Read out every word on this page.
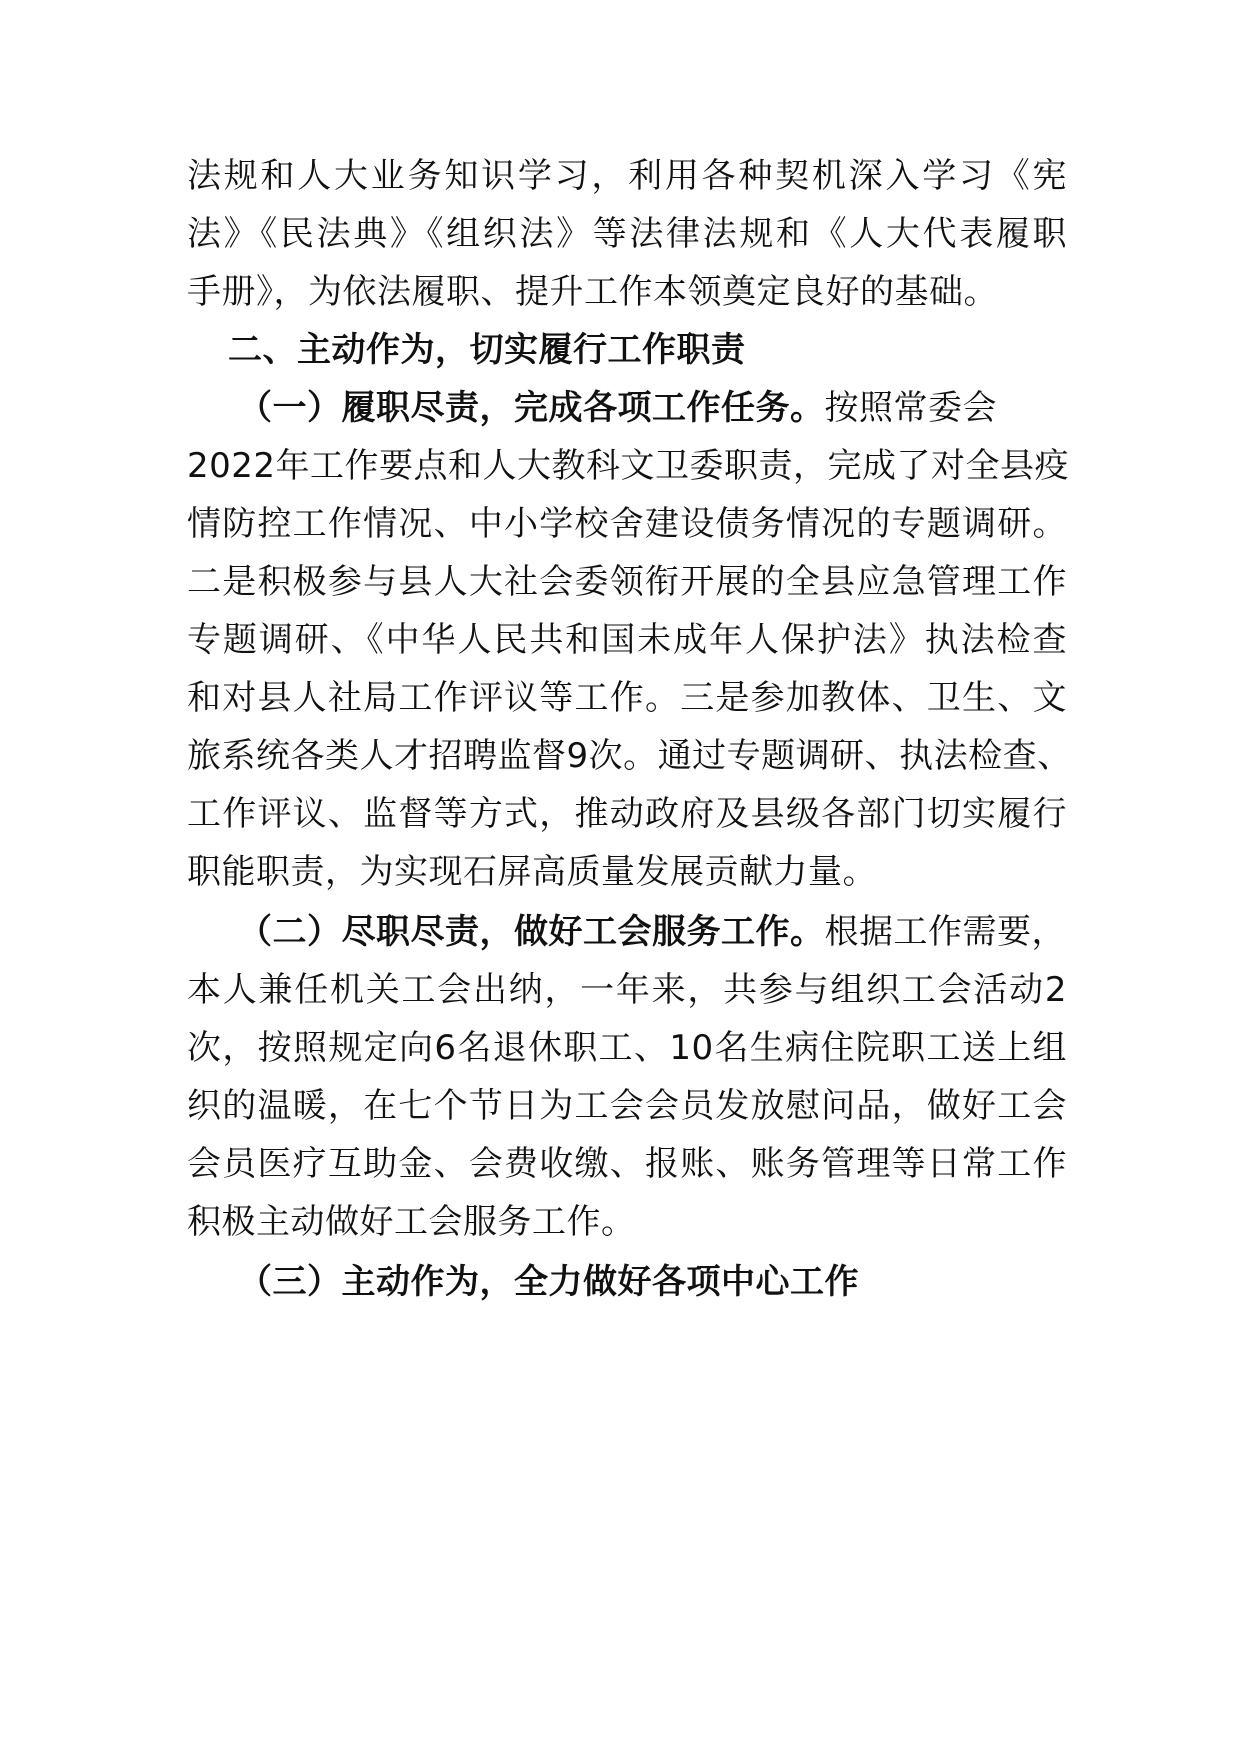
法规和人大业务知识学习，利用各种契机深入学习《宪
法》《民法典》《组织法》等法律法规和《人大代表履职
手册》，为依法履职、提升工作本领奠定良好的基础。
二、主动作为，切实履行工作职责
（一）履职尽责，完成各项工作任务。按照常委会
2022年工作要点和人大教科文卫委职责，完成了对全县疫
情防控工作情况、中小学校舍建设债务情况的专题调研。
二是积极参与县人大社会委领衔开展的全县应急管理工作
专题调研、《中华人民共和国未成年人保护法》执法检查
和对县人社局工作评议等工作。三是参加教体、卫生、文
旅系统各类人才招聘监督9次。通过专题调研、执法检查、
工作评议、监督等方式，推动政府及县级各部门切实履行
职能职责，为实现石屏高质量发展贡献力量。
（二）尽职尽责，做好工会服务工作。根据工作需要，
本人兼任机关工会出纳，一年来，共参与组织工会活动2
次，按照规定向6名退休职工、10名生病住院职工送上组
织的温暖，在七个节日为工会会员发放慰问品，做好工会
会员医疗互助金、会费收缴、报账、账务管理等日常工作
积极主动做好工会服务工作。
（三）主动作为，全力做好各项中心工作
